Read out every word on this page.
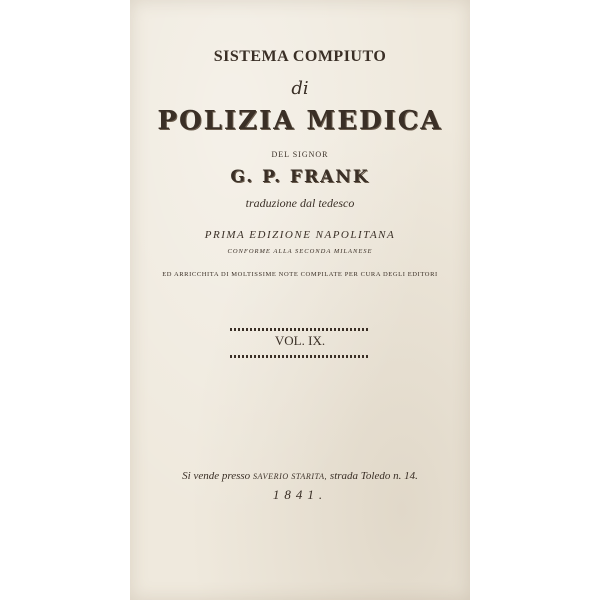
SISTEMA COMPIUTO
di
POLIZIA MEDICA
DEL SIGNOR
G. P. FRANK
traduzione dal tedesco
PRIMA EDIZIONE NAPOLITANA
CONFORME ALLA SECONDA MILANESE
ED ARRICCHITA DI MOLTISSIME NOTE COMPILATE PER CURA DEGLI EDITORI
VOL. IX.
Si vende presso SAVERIO STARITA, strada Toledo n. 14.
1841.
